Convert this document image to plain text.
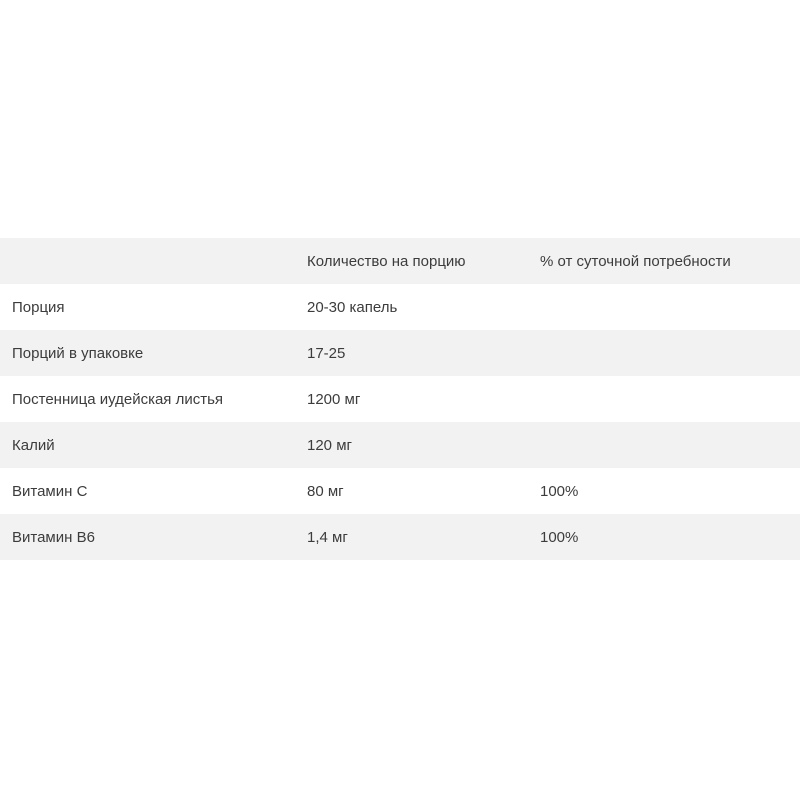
	Количество на порцию	% от суточной потребности
Порция	20-30 капель	
Порций в упаковке	17-25	
Постенница иудейская листья	1200 мг	
Калий	120 мг	
Витамин С	80 мг	100%
Витамин В6	1,4 мг	100%
